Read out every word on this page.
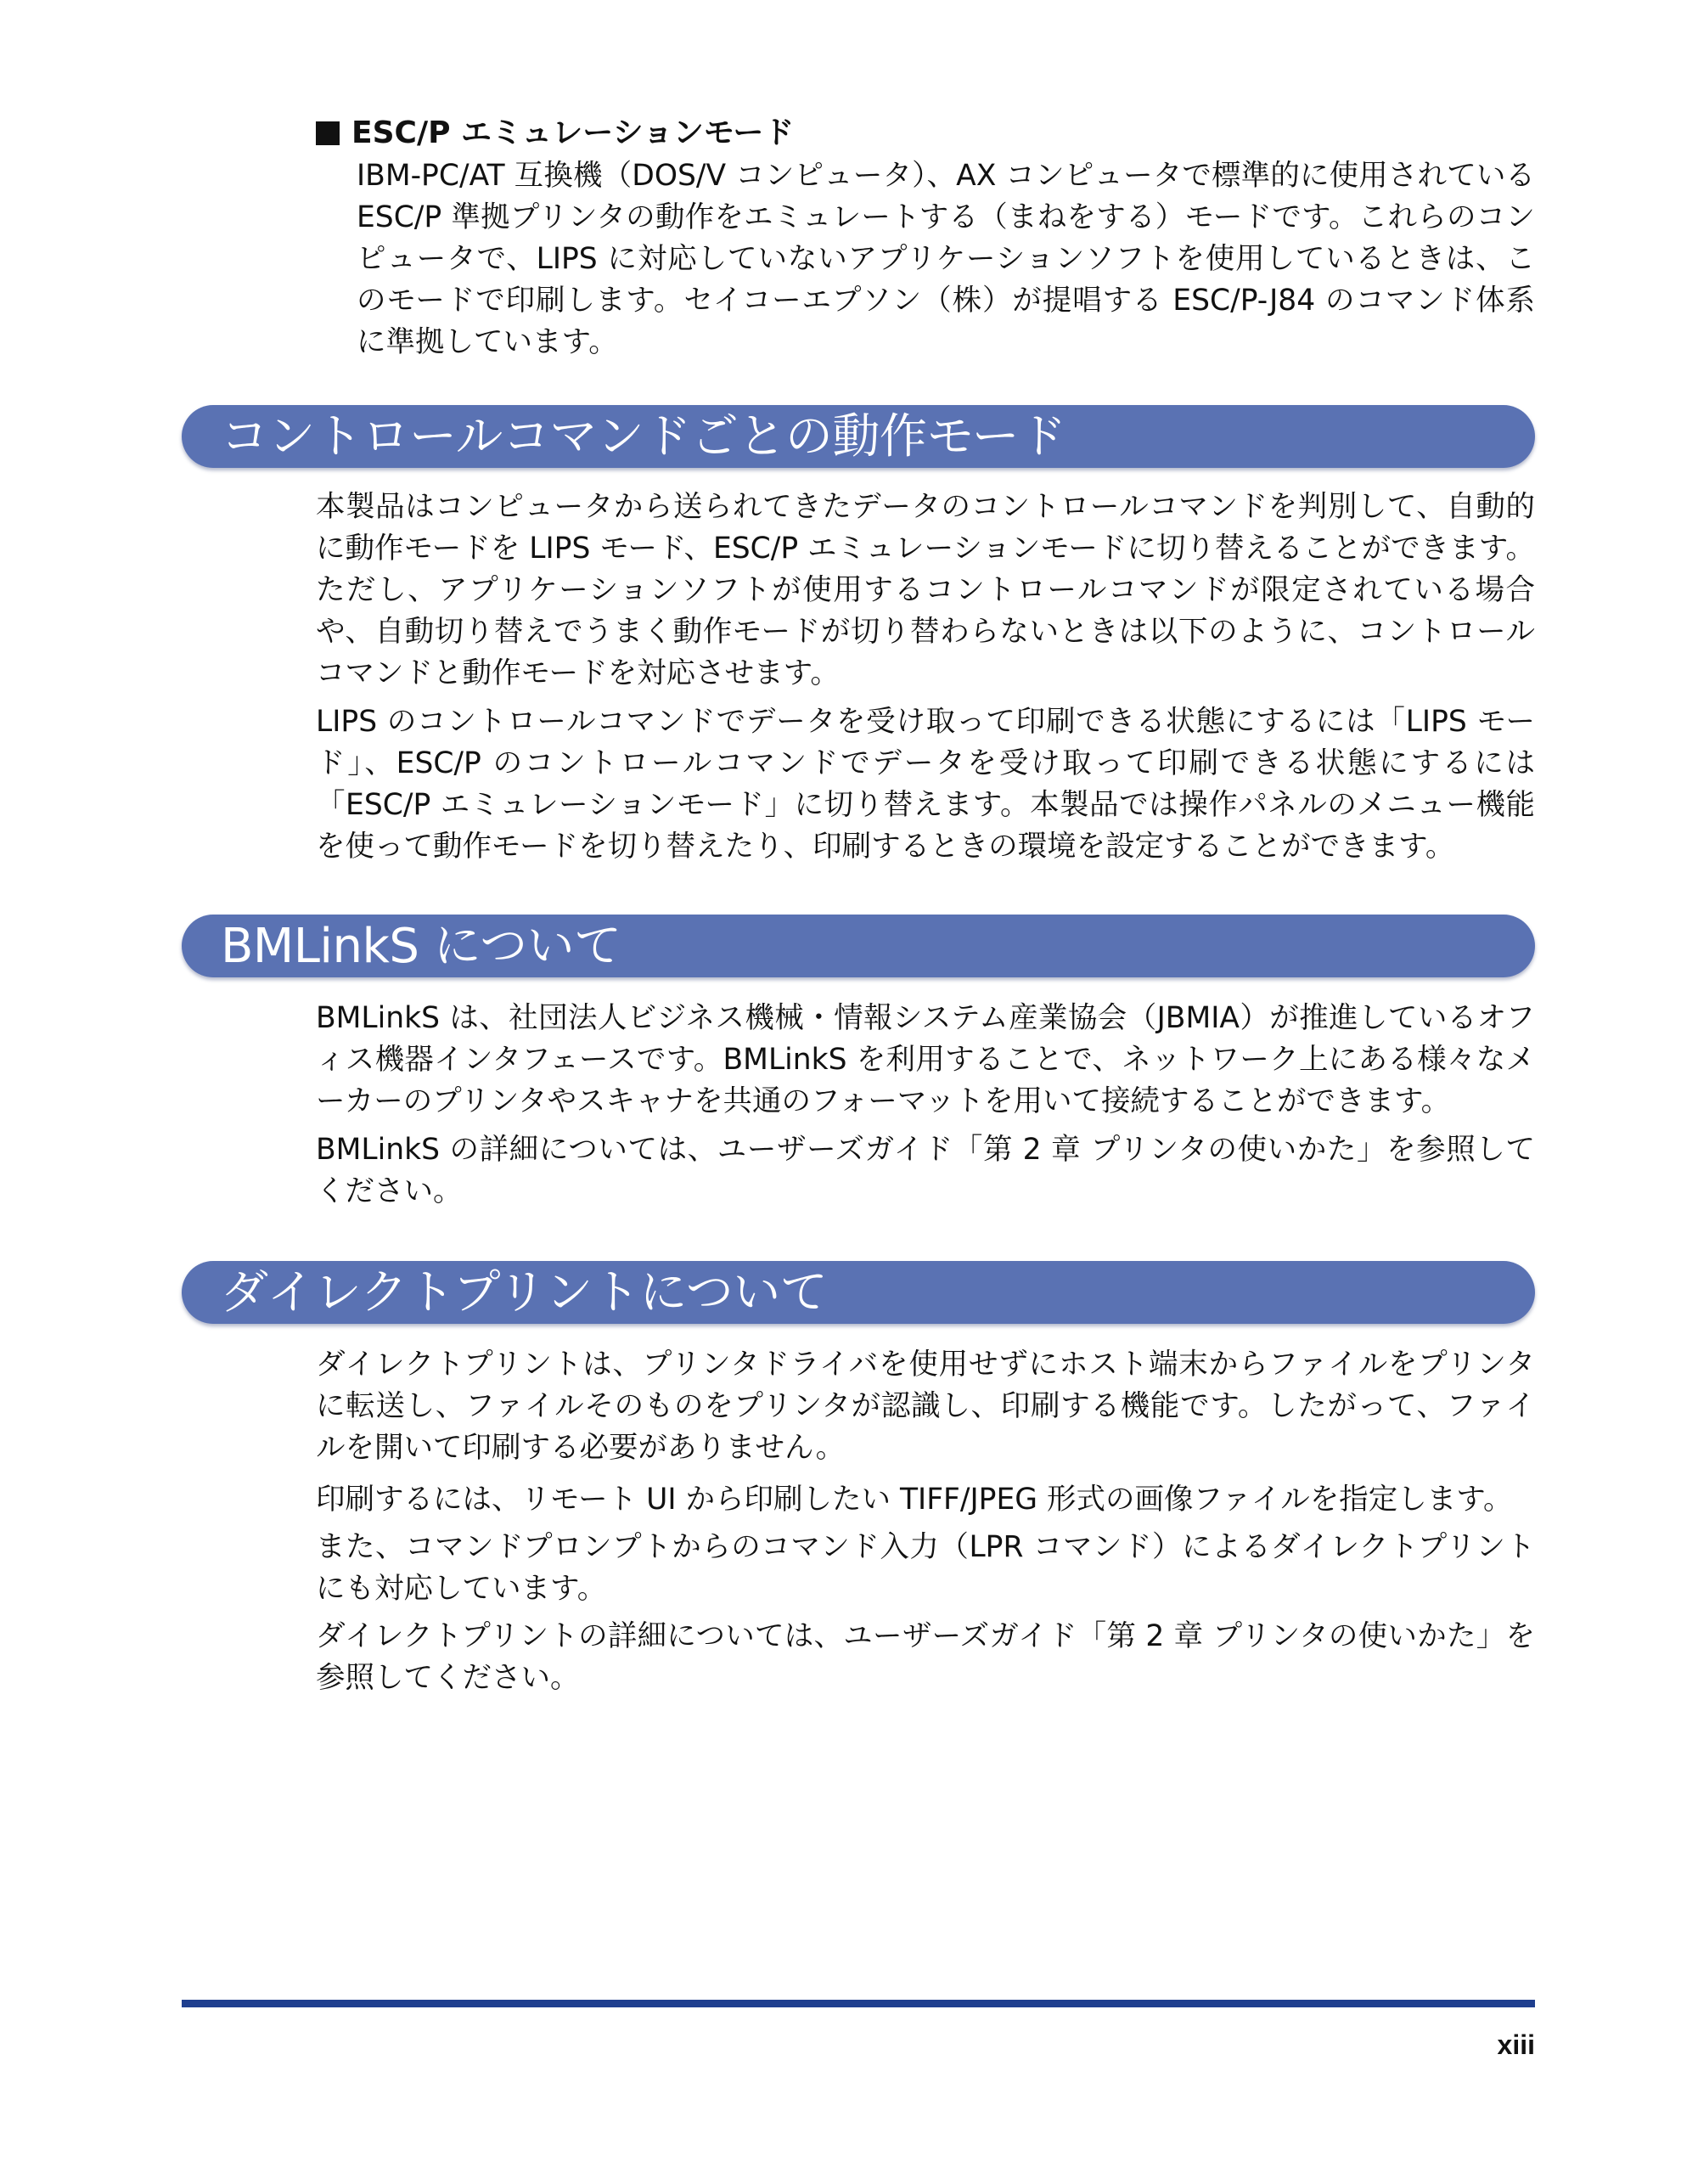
ESC/P エミュレーションモード
IBM-PC/AT 互換機（DOS/V コンピュータ）、AX コンピュータで標準的に使用されている ESC/P 準拠プリンタの動作をエミュレートする（まねをする）モードです。これらのコンピュータで、LIPS に対応していないアプリケーションソフトを使用しているときは、このモードで印刷します。セイコーエプソン（株）が提唱する ESC/P-J84 のコマンド体系に準拠しています。
コントロールコマンドごとの動作モード
本製品はコンピュータから送られてきたデータのコントロールコマンドを判別して、自動的に動作モードを LIPS モード、ESC/P エミュレーションモードに切り替えることができます。ただし、アプリケーションソフトが使用するコントロールコマンドが限定されている場合や、自動切り替えでうまく動作モードが切り替わらないときは以下のように、コントロールコマンドと動作モードを対応させます。
LIPS のコントロールコマンドでデータを受け取って印刷できる状態にするには「LIPS モード」、ESC/P のコントロールコマンドでデータを受け取って印刷できる状態にするには「ESC/P エミュレーションモード」に切り替えます。本製品では操作パネルのメニュー機能を使って動作モードを切り替えたり、印刷するときの環境を設定することができます。
BMLinkS について
BMLinkS は、社団法人ビジネス機械・情報システム産業協会（JBMIA）が推進しているオフィス機器インタフェースです。BMLinkS を利用することで、ネットワーク上にある様々なメーカーのプリンタやスキャナを共通のフォーマットを用いて接続することができます。
BMLinkS の詳細については、ユーザーズガイド「第 2 章 プリンタの使いかた」を参照してください。
ダイレクトプリントについて
ダイレクトプリントは、プリンタドライバを使用せずにホスト端末からファイルをプリンタに転送し、ファイルそのものをプリンタが認識し、印刷する機能です。したがって、ファイルを開いて印刷する必要がありません。
印刷するには、リモート UI から印刷したい TIFF/JPEG 形式の画像ファイルを指定します。
また、コマンドプロンプトからのコマンド入力（LPR コマンド）によるダイレクトプリントにも対応しています。
ダイレクトプリントの詳細については、ユーザーズガイド「第 2 章 プリンタの使いかた」を参照してください。
xiii
